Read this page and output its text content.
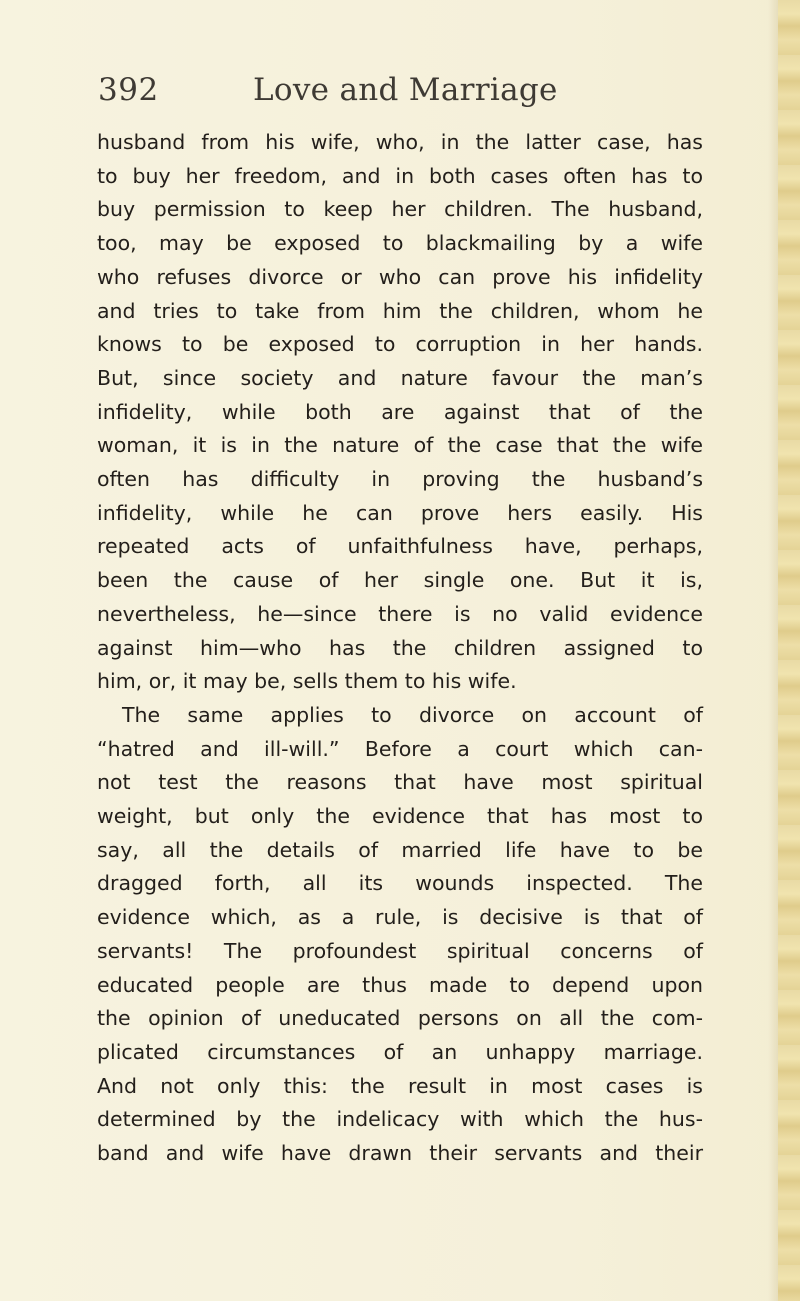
392	Love and Marriage
husband from his wife, who, in the latter case, has
to buy her freedom, and in both cases often has to
buy permission to keep her children. The husband,
too, may be exposed to blackmailing by a wife
who refuses divorce or who can prove his infidelity
and tries to take from him the children, whom he
knows to be exposed to corruption in her hands.
But, since society and nature favour the man’s
infidelity, while both are against that of the
woman, it is in the nature of the case that the wife
often has difficulty in proving the husband’s
infidelity, while he can prove hers easily. His
repeated acts of unfaithfulness have, perhaps,
been the cause of her single one. But it is,
nevertheless, he—since there is no valid evidence
against him—who has the children assigned to
him, or, it may be, sells them to his wife.
The same applies to divorce on account of
“hatred and ill-will.” Before a court which can-
not test the reasons that have most spiritual
weight, but only the evidence that has most to
say, all the details of married life have to be
dragged forth, all its wounds inspected. The
evidence which, as a rule, is decisive is that of
servants! The profoundest spiritual concerns of
educated people are thus made to depend upon
the opinion of uneducated persons on all the com-
plicated circumstances of an unhappy marriage.
And not only this: the result in most cases is
determined by the indelicacy with which the hus-
band and wife have drawn their servants and their
